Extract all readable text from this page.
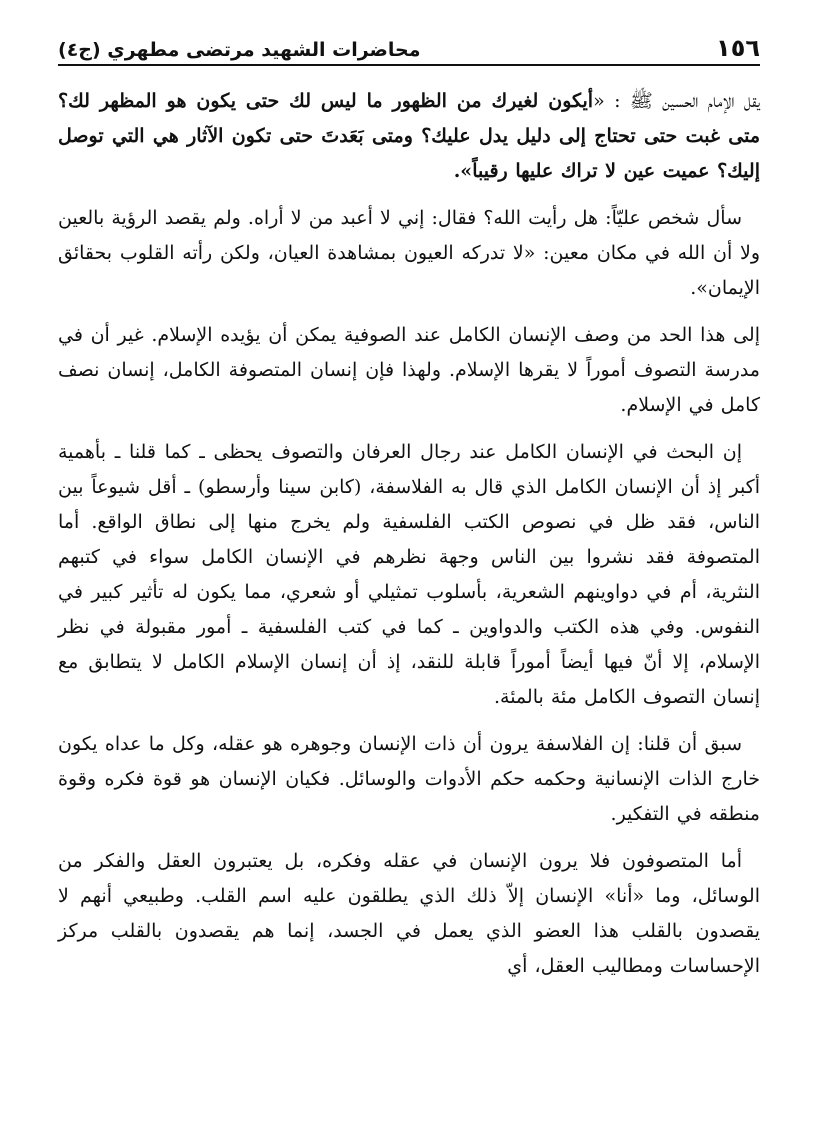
١٥٦
محاضرات الشهيد مرتضى مطهري (ج٤)

يقل الإمام الحسين ﷺ : «أيكون لغيرك من الظهور ما ليس لك حتى يكون هو المظهر لك؟ متى غبت حتى تحتاج إلى دليل يدل عليك؟ ومتى بَعَدتَ حتى تكون الآثار هي التي توصل إليك؟ عميت عين لا تراك عليها رقيباً».

سأل شخص عليّاً: هل رأيت الله؟ فقال: إني لا أعبد من لا أراه. ولم يقصد الرؤية بالعين ولا أن الله في مكان معين: «لا تدركه العيون بمشاهدة العيان، ولكن رأته القلوب بحقائق الإيمان».

إلى هذا الحد من وصف الإنسان الكامل عند الصوفية يمكن أن يؤيده الإسلام. غير أن في مدرسة التصوف أموراً لا يقرها الإسلام. ولهذا فإن إنسان المتصوفة الكامل، إنسان نصف كامل في الإسلام.

إن البحث في الإنسان الكامل عند رجال العرفان والتصوف يحظى ـ كما قلنا ـ بأهمية أكبر إذ أن الإنسان الكامل الذي قال به الفلاسفة، (كابن سينا وأرسطو) ـ أقل شيوعاً بين الناس، فقد ظل في نصوص الكتب الفلسفية ولم يخرج منها إلى نطاق الواقع. أما المتصوفة فقد نشروا بين الناس وجهة نظرهم في الإنسان الكامل سواء في كتبهم النثرية، أم في دواوينهم الشعرية، بأسلوب تمثيلي أو شعري، مما يكون له تأثير كبير في النفوس. وفي هذه الكتب والدواوين ـ كما في كتب الفلسفية ـ أمور مقبولة في نظر الإسلام، إلا أنّ فيها أيضاً أموراً قابلة للنقد، إذ أن إنسان الإسلام الكامل لا يتطابق مع إنسان التصوف الكامل مئة بالمئة.

سبق أن قلنا: إن الفلاسفة يرون أن ذات الإنسان وجوهره هو عقله، وكل ما عداه يكون خارج الذات الإنسانية وحكمه حكم الأدوات والوسائل. فكيان الإنسان هو قوة فكره وقوة منطقه في التفكير.

أما المتصوفون فلا يرون الإنسان في عقله وفكره، بل يعتبرون العقل والفكر من الوسائل، وما «أنا» الإنسان إلاّ ذلك الذي يطلقون عليه اسم القلب. وطبيعي أنهم لا يقصدون بالقلب هذا العضو الذي يعمل في الجسد، إنما هم يقصدون بالقلب مركز الإحساسات ومطاليب العقل، أي
